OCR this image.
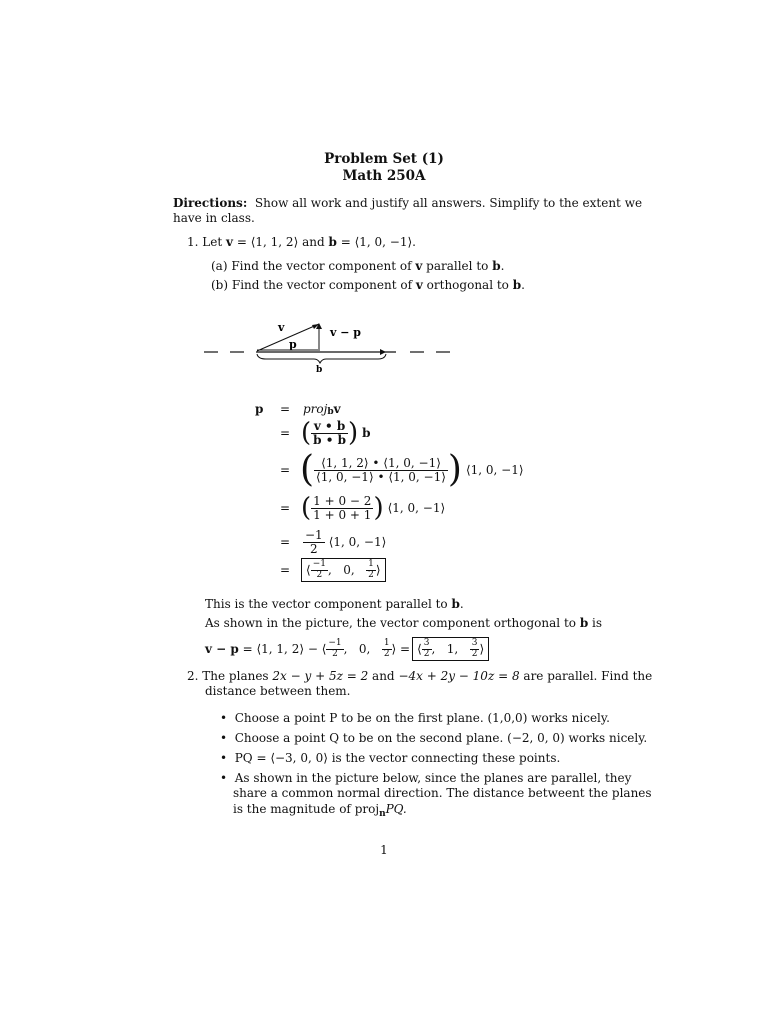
Problem Set (1)
Math 250A
Directions: Show all work and justify all answers. Simplify to the extent we
have in class.
1. Let v = ⟨1, 1, 2⟩ and b = ⟨1, 0, −1⟩.
(a) Find the vector component of v parallel to b.
(b) Find the vector component of v orthogonal to b.
v
p
v − p
b
p	=	proj b v
= ( $\frac{v • b}{b • b}$ ) b
= ( $\frac{⟨1, 1, 2⟩ • ⟨1, 0, -1⟩}{⟨1, 0, -1⟩ • ⟨1, 0, -1⟩}$ ) ⟨1, 0, −1⟩
= ( $\frac{1 + 0 - 2}{1 + 0 + 1}$ ) ⟨1, 0, −1⟩
=	$\frac{-1}{2}$ ⟨1, 0, −1⟩
=	⟨ $\frac{-1}{2}$ , 0,
$\frac{1}{2}$ ⟩
This is the vector component parallel to b.
As shown in the picture, the vector component orthogonal to b is
v − p
= ⟨1, 1, 2⟩ − ⟨ $\frac{-1}{2}$ ,   0, $\frac{1}{2}$ ⟩ = ⟨ $\frac{3}{2}$ , 1,
$\frac{3}{2}$ ⟩
2. The planes 2x − y + 5z = 2 and −4x + 2y − 10z = 8 are parallel. Find the
distance between them.
• Choose a point P to be on the first plane. (1,0,0) works nicely.
• Choose a point Q to be on the second plane. (−2, 0, 0) works nicely.
• PQ = ⟨−3, 0, 0⟩ is the vector connecting these points.
• As shown in the picture below, since the planes are parallel, they
share a common normal direction. The distance betweent the planes
is the magnitude of proj$_n$PQ.
1
